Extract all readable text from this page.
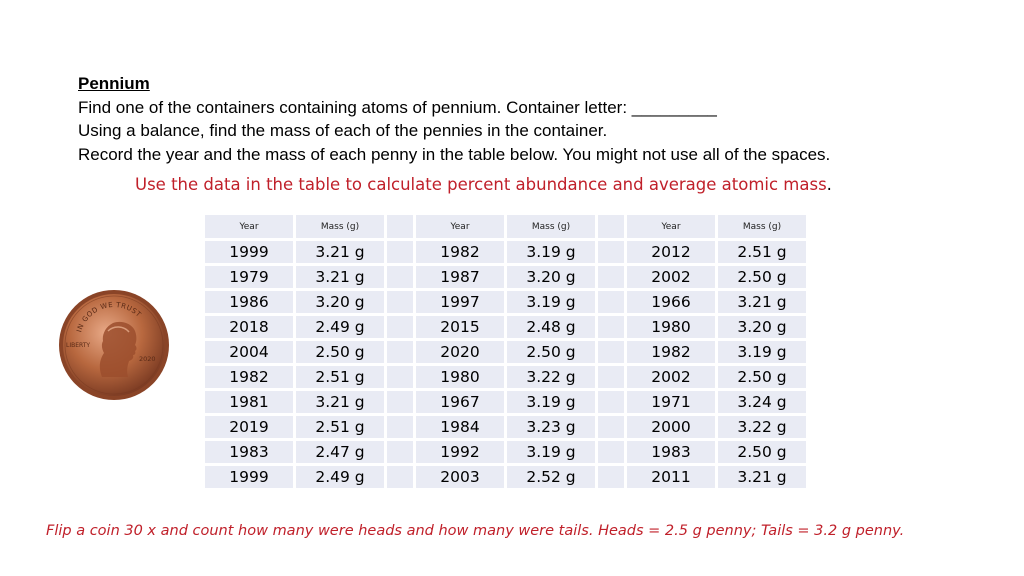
Pennium
Find one of the containers containing atoms of pennium. Container letter: _________
Using a balance, find the mass of each of the pennies in the container.
Record the year and the mass of each penny in the table below. You might not use all of the spaces.
Use the data in the table to calculate percent abundance and average atomic mass.
IN GOD WE TRUST
LIBERTY
2020
Year	Mass (g)		Year	Mass (g)		Year	Mass (g)
1999	3.21 g		1982	3.19 g		2012	2.51 g
1979	3.21 g		1987	3.20 g		2002	2.50 g
1986	3.20 g		1997	3.19 g		1966	3.21 g
2018	2.49 g		2015	2.48 g		1980	3.20 g
2004	2.50 g		2020	2.50 g		1982	3.19 g
1982	2.51 g		1980	3.22 g		2002	2.50 g
1981	3.21 g		1967	3.19 g		1971	3.24 g
2019	2.51 g		1984	3.23 g		2000	3.22 g
1983	2.47 g		1992	3.19 g		1983	2.50 g
1999	2.49 g		2003	2.52 g		2011	3.21 g
Flip a coin 30 x and count how many were heads and how many were tails. Heads = 2.5 g penny; Tails = 3.2 g penny.
